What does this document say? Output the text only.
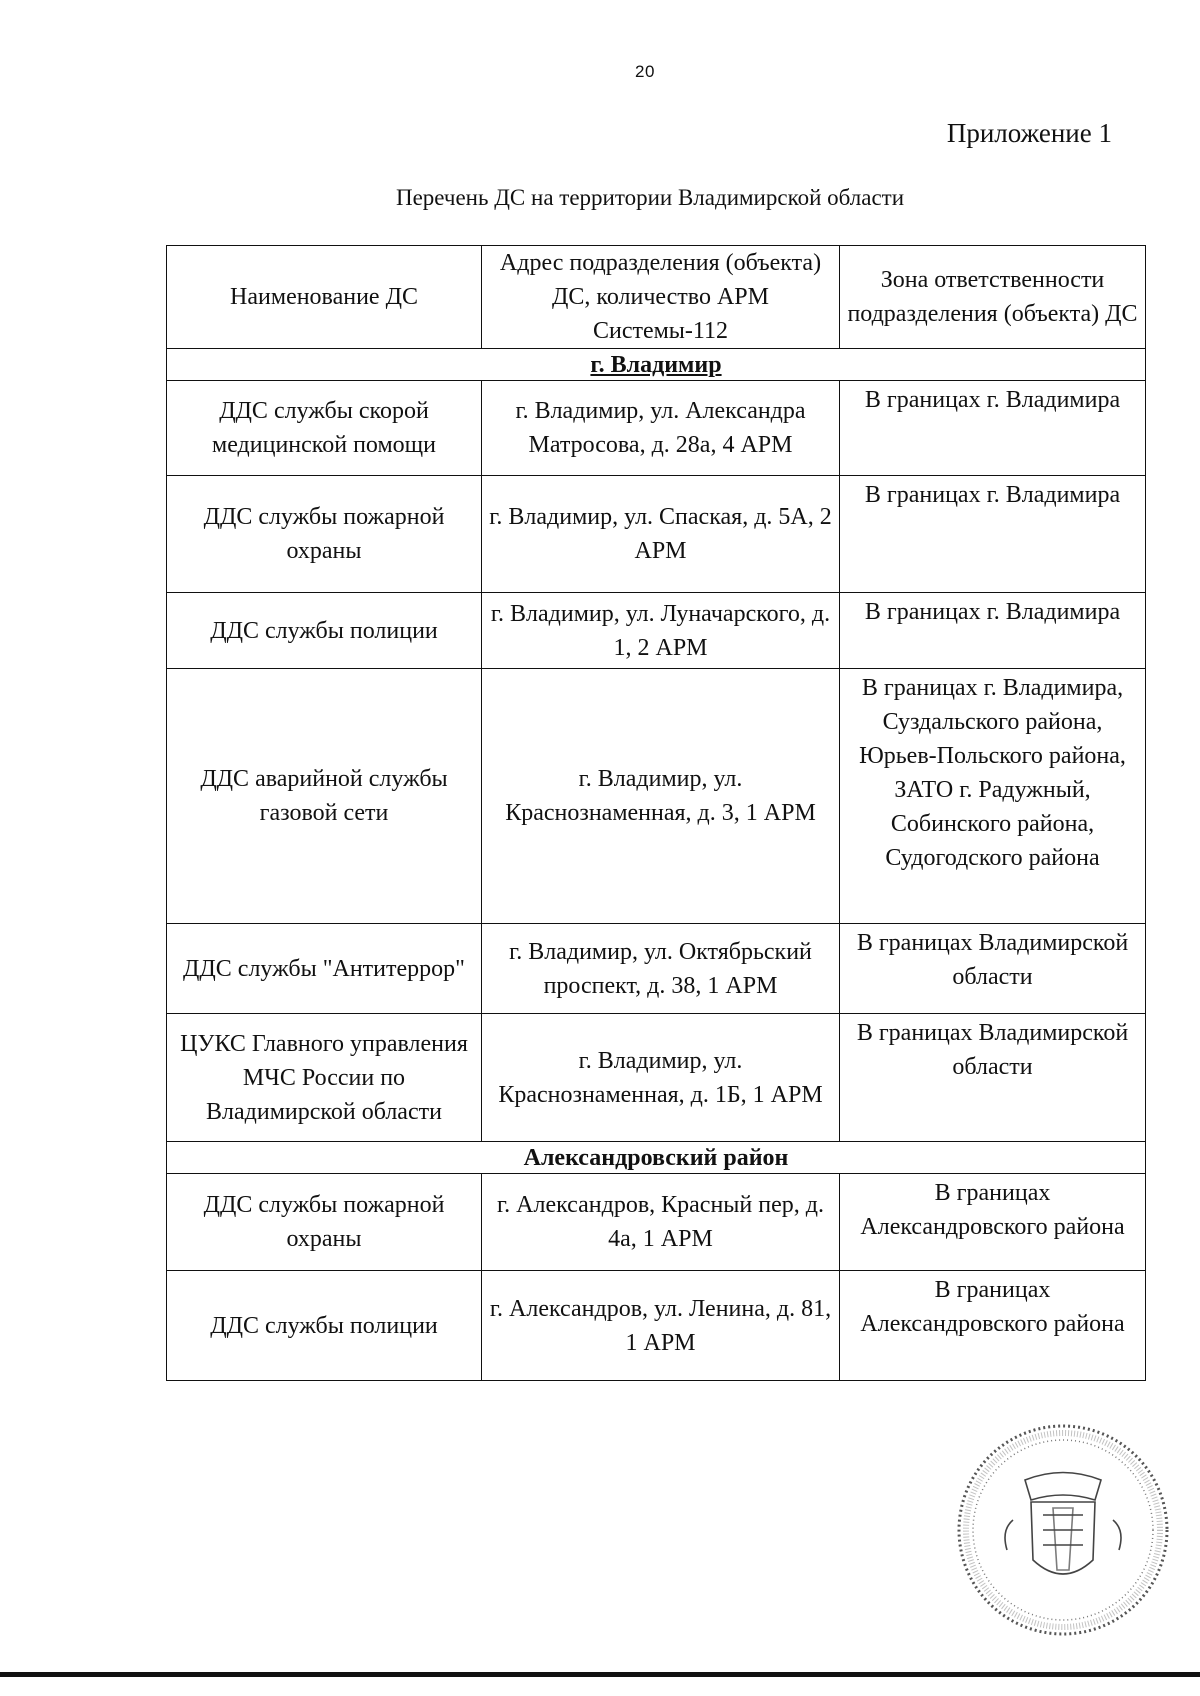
20
Приложение 1
Перечень ДС на территории Владимирской области
Наименование ДС	Адрес подразделения (объекта) ДС, количество АРМ Системы-112	Зона ответственности подразделения (объекта) ДС
г. Владимир		
ДДС службы скорой медицинской помощи	г. Владимир, ул. Александра Матросова, д. 28а, 4 АРМ	В границах г. Владимира
ДДС службы пожарной охраны	г. Владимир, ул. Спаская, д. 5А, 2 АРМ	В границах г. Владимира
ДДС службы полиции	г. Владимир, ул. Луначарского, д. 1, 2 АРМ	В границах г. Владимира
ДДС аварийной службы газовой сети	г. Владимир, ул. Краснознаменная, д. 3, 1 АРМ	В границах г. Владимира, Суздальского района, Юрьев-Польского района, ЗАТО г. Радужный, Собинского района, Судогодского района
ДДС службы "Антитеррор"	г. Владимир, ул. Октябрьский проспект, д. 38, 1 АРМ	В границах Владимирской области
ЦУКС Главного управления МЧС России по Владимирской области	г. Владимир, ул. Краснознаменная, д. 1Б, 1 АРМ	В границах Владимирской области
Александровский район		
ДДС службы пожарной охраны	г. Александров, Красный пер, д. 4а, 1 АРМ	В границах Александровского района
ДДС службы полиции	г. Александров, ул. Ленина, д. 81, 1 АРМ	В границах Александровского района
